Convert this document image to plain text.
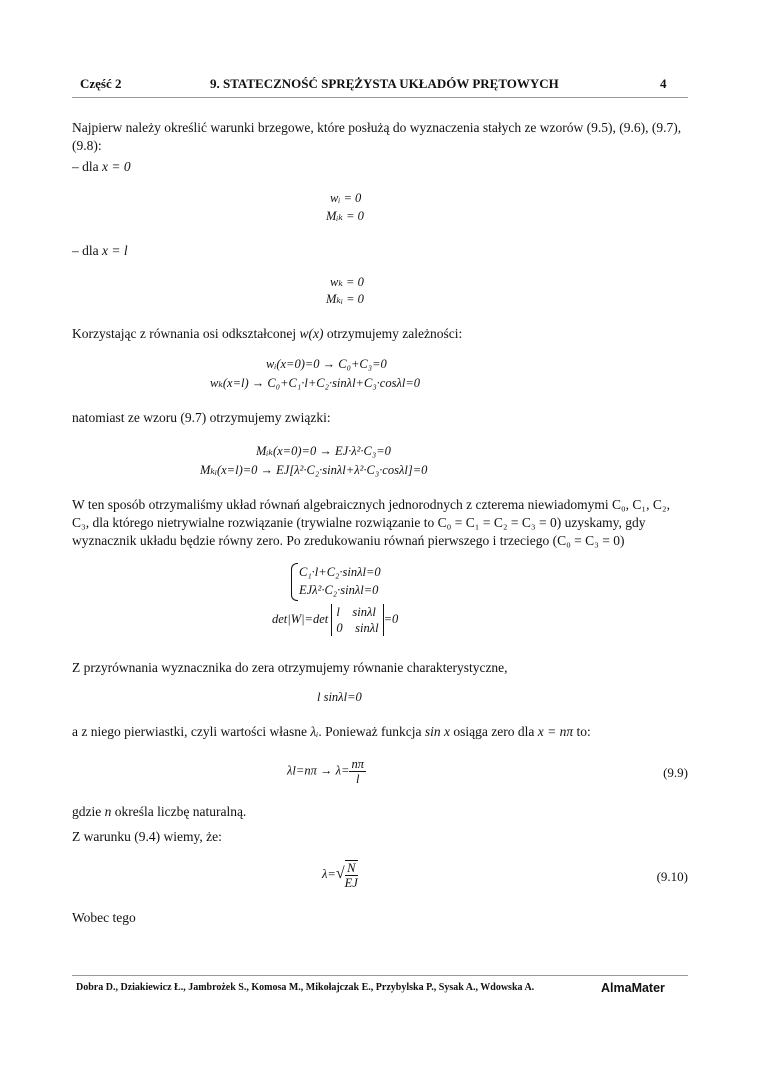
Część 2	9. STATECZNOŚĆ SPRĘŻYSTA UKŁADÓW PRĘTOWYCH	4
Najpierw należy określić warunki brzegowe, które posłużą do wyznaczenia stałych ze wzorów (9.5), (9.6), (9.7), (9.8):
– dla x = 0
wᵢ = 0
Mᵢₖ = 0
– dla x = l
wₖ = 0
Mₖᵢ = 0
Korzystając z równania osi odkształconej w(x) otrzymujemy zależności:
wᵢ(x=0)=0 → C₀+C₃=0
wₖ(x=l) → C₀+C₁·l+C₂·sinλl+C₃·cosλl=0
natomiast ze wzoru (9.7) otrzymujemy związki:
Mᵢₖ(x=0)=0 → EJ·λ²·C₃=0
Mₖᵢ(x=l)=0 → EJ[λ²·C₂·sinλl+λ²·C₃·cosλl]=0
W ten sposób otrzymaliśmy układ równań algebraicznych jednorodnych z czterema niewiadomymi C₀, C₁, C₂, C₃, dla którego nietrywialne rozwiązanie (trywialne rozwiązanie to C₀ = C₁ = C₂ = C₃ = 0) uzyskamy, gdy wyznacznik układu będzie równy zero. Po zredukowaniu równań pierwszego i trzeciego (C₀ = C₃ = 0)
C₁·l+C₂·sinλl=0
EJλ²·C₂·sinλl=0
det|W|=det l sinλl
0 sinλl
=0
Z przyrównania wyznacznika do zera otrzymujemy równanie charakterystyczne,
l sinλl=0
a z niego pierwiastki, czyli wartości własne λᵢ. Ponieważ funkcja sin x osiąga zero dla x = nπ to:
$\lambda l=n\pi \to \lambda= \frac{n\pi}{l}$	(9.9)
gdzie n określa liczbę naturalną.
Z warunku (9.4) wiemy, że:
$\lambda=√ \frac{N}{EJ}$	(9.10)
Wobec tego
Dobra D., Dziakiewicz Ł., Jambrożek S., Komosa M., Mikołajczak E., Przybylska P., Sysak A., Wdowska A.	AlmaMater
